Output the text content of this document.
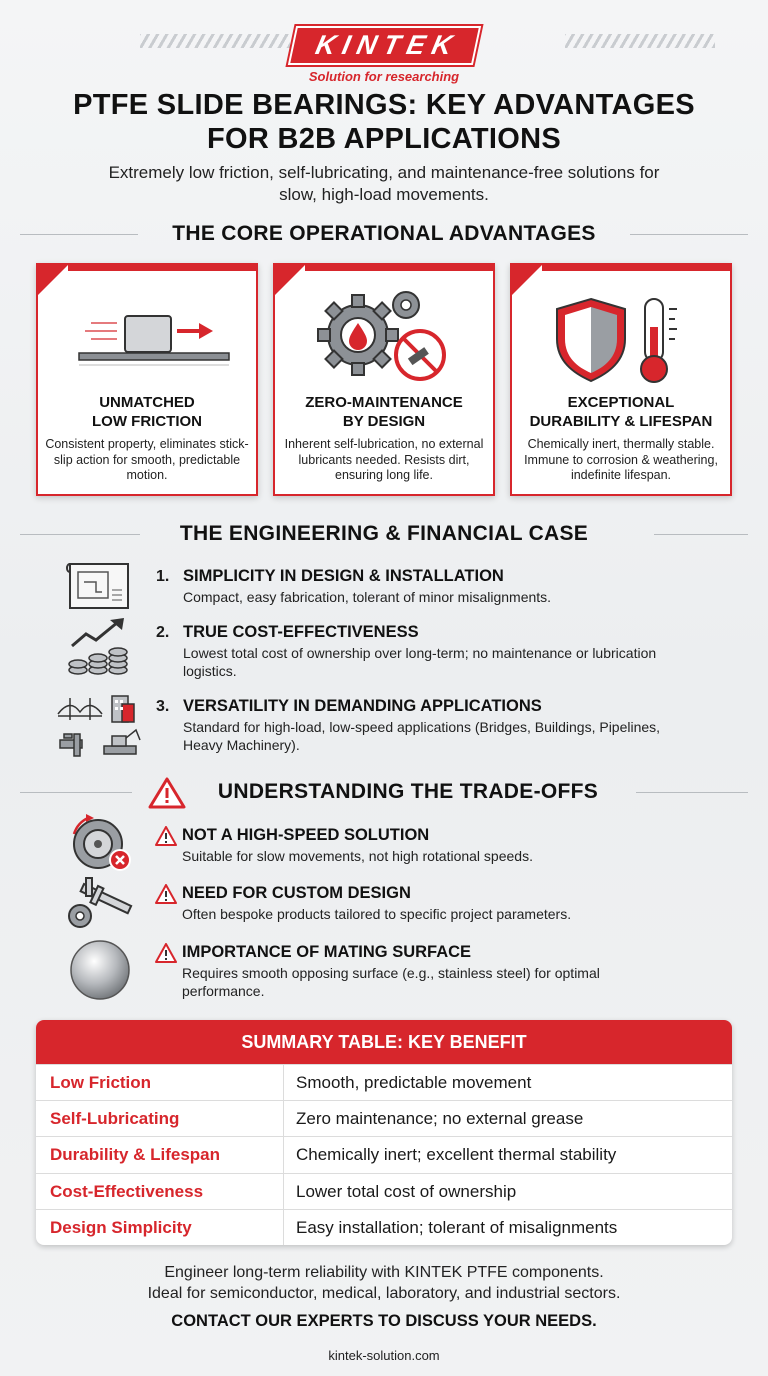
KINTEK
Solution for researching
PTFE SLIDE BEARINGS: KEY ADVANTAGES
FOR B2B APPLICATIONS
Extremely low friction, self-lubricating, and maintenance-free solutions for slow, high-load movements.
THE CORE OPERATIONAL ADVANTAGES
UNMATCHED
LOW FRICTION
Consistent property, eliminates stick-slip action for smooth, predictable motion.
ZERO-MAINTENANCE
BY DESIGN
Inherent self-lubrication, no external lubricants needed. Resists dirt, ensuring long life.
EXCEPTIONAL
DURABILITY & LIFESPAN
Chemically inert, thermally stable. Immune to corrosion & weathering, indefinite lifespan.
THE ENGINEERING & FINANCIAL CASE
1. SIMPLICITY IN DESIGN & INSTALLATION
Compact, easy fabrication, tolerant of minor misalignments.
2. TRUE COST-EFFECTIVENESS
Lowest total cost of ownership over long-term; no maintenance or lubrication logistics.
3. VERSATILITY IN DEMANDING APPLICATIONS
Standard for high-load, low-speed applications (Bridges, Buildings, Pipelines, Heavy Machinery).
UNDERSTANDING THE TRADE-OFFS
NOT A HIGH-SPEED SOLUTION
Suitable for slow movements, not high rotational speeds.
NEED FOR CUSTOM DESIGN
Often bespoke products tailored to specific project parameters.
IMPORTANCE OF MATING SURFACE
Requires smooth opposing surface (e.g., stainless steel) for optimal performance.
SUMMARY TABLE: KEY BENEFIT
Low Friction	Smooth, predictable movement
Self-Lubricating	Zero maintenance; no external grease
Durability & Lifespan	Chemically inert; excellent thermal stability
Cost-Effectiveness	Lower total cost of ownership
Design Simplicity	Easy installation; tolerant of misalignments
Engineer long-term reliability with KINTEK PTFE components.
Ideal for semiconductor, medical, laboratory, and industrial sectors.
CONTACT OUR EXPERTS TO DISCUSS YOUR NEEDS.
kintek-solution.com
